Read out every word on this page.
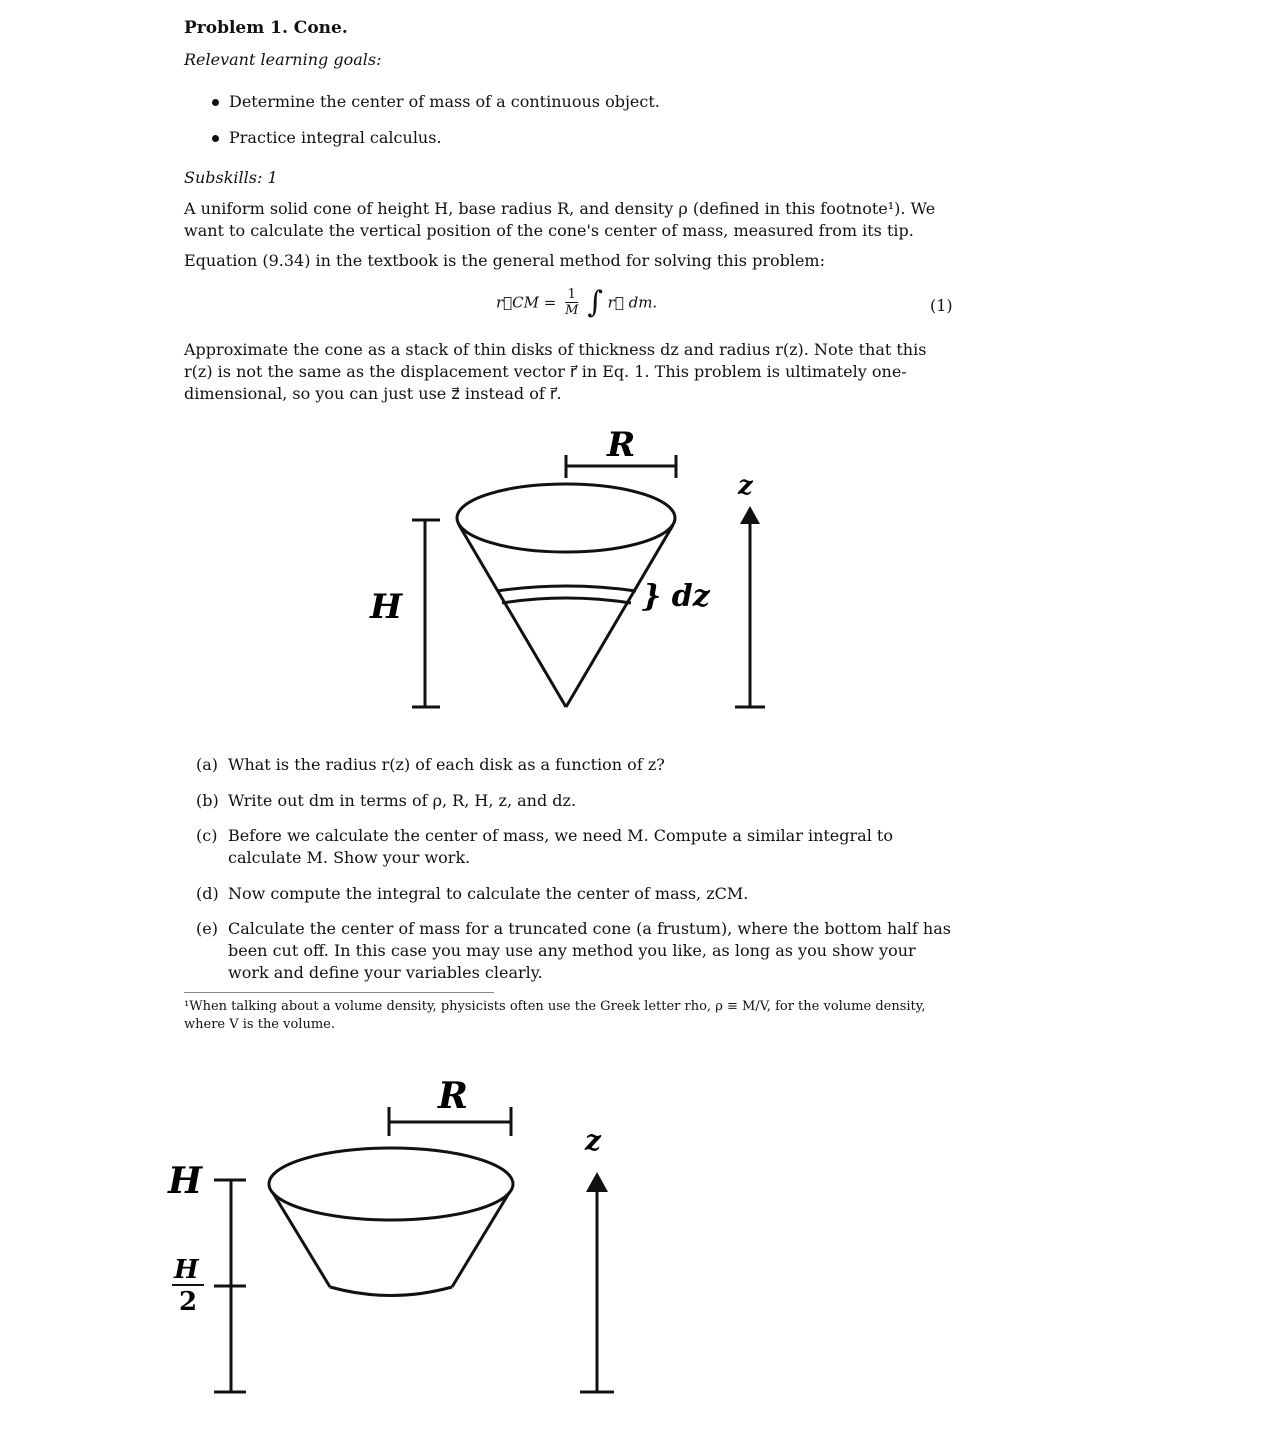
Problem 1. Cone.
Relevant learning goals:
Determine the center of mass of a continuous object.
Practice integral calculus.
Subskills: 1
A uniform solid cone of height H, base radius R, and density ρ (defined in this footnote¹). We want to calculate the vertical position of the cone's center of mass, measured from its tip.
Equation (9.34) in the textbook is the general method for solving this problem:
r⃗CM = $\frac{1}{M}$ ∫ r⃗ dm.	(1)
Approximate the cone as a stack of thin disks of thickness dz and radius r(z). Note that this r(z) is not the same as the displacement vector r⃗ in Eq. 1. This problem is ultimately one-dimensional, so you can just use z⃗ instead of r⃗.
R
H	} dz
z
R
H
H
2
z
(a) What is the radius r(z) of each disk as a function of z?
(b) Write out dm in terms of ρ, R, H, z, and dz.
(c) Before we calculate the center of mass, we need M. Compute a similar integral to calculate M. Show your work.
(d) Now compute the integral to calculate the center of mass, zCM.
(e) Calculate the center of mass for a truncated cone (a frustum), where the bottom half has been cut off. In this case you may use any method you like, as long as you show your work and define your variables clearly.
¹When talking about a volume density, physicists often use the Greek letter rho, ρ ≡ M/V, for the volume density, where V is the volume.
